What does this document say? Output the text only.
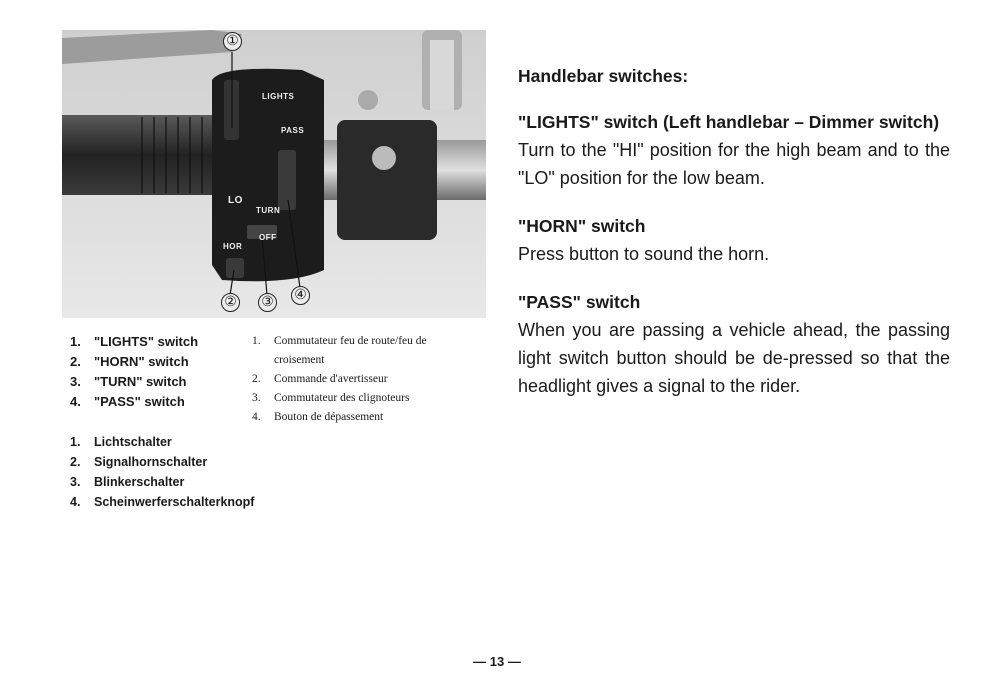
LIGHTS
PASS
LO
TURN
HOR
OFF
①
② ③ ④
1.	"LIGHTS" switch
2.	"HORN" switch
3.	"TURN" switch
4.	"PASS" switch
1.	Commutateur feu de route/feu de croisement
2.	Commande d'avertisseur
3.	Commutateur des clignoteurs
4.	Bouton de dépassement
1.	Lichtschalter
2.	Signalhornschalter
3.	Blinkerschalter
4.	Scheinwerferschalterknopf
Handlebar switches:
"LIGHTS" switch (Left handlebar – Dimmer switch)
Turn to the "HI" position for the high beam and to the "LO" position for the low beam.
"HORN" switch
Press button to sound the horn.
"PASS" switch
When you are passing a vehicle ahead, the passing light switch button should be de-pressed so that the headlight gives a signal to the rider.
— 13 —
